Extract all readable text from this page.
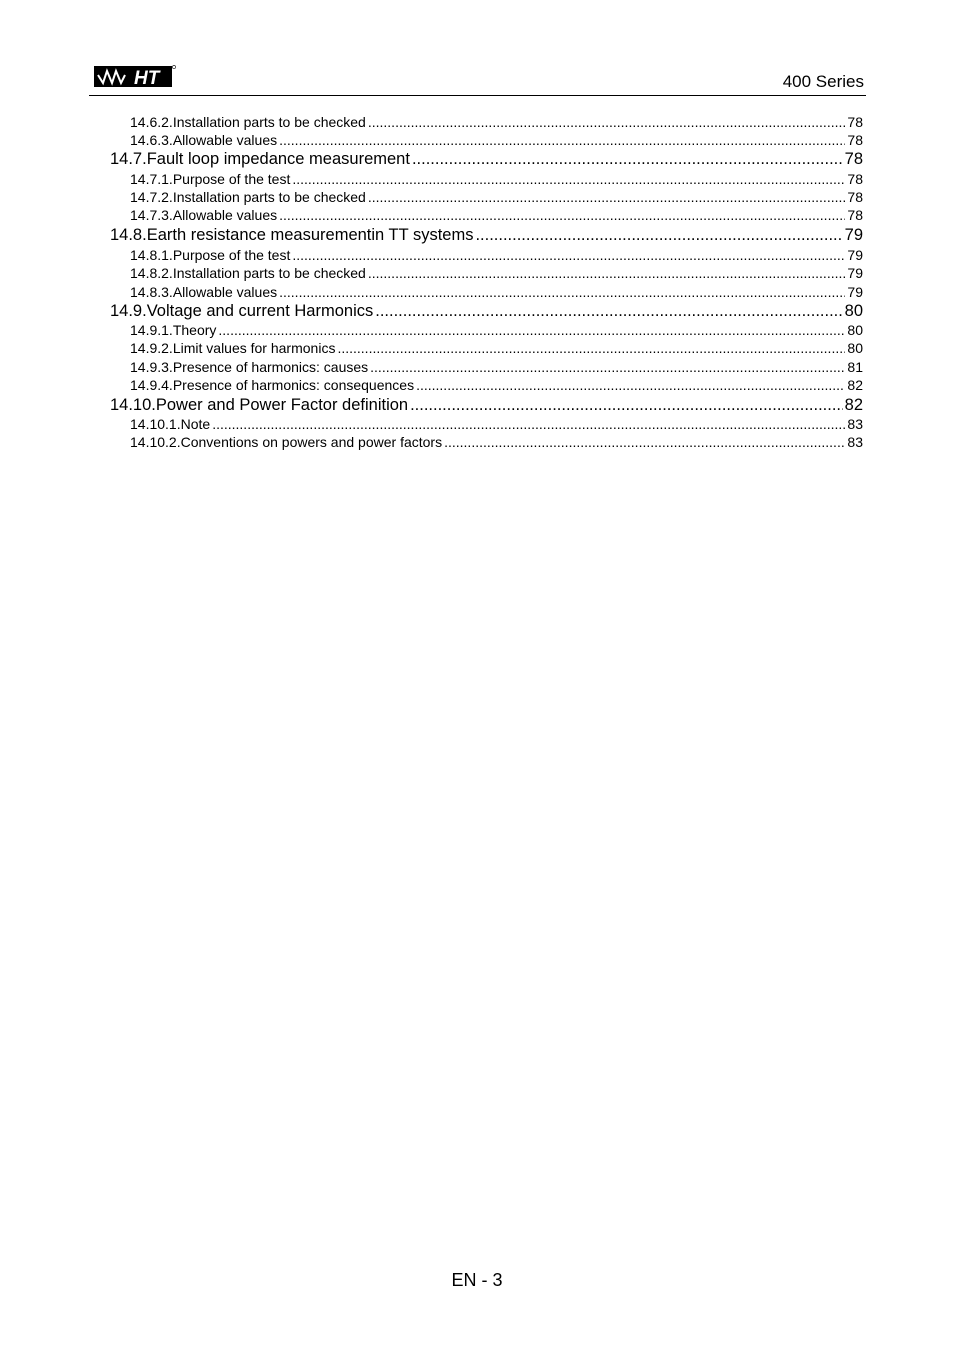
HT	400 Series
14.6.2. Installation parts to be checked .....	78
14.6.3. Allowable values .....	78
14.7. Fault loop impedance measurement .....	78
14.7.1. Purpose of the test .....	78
14.7.2. Installation parts to be checked .....	78
14.7.3. Allowable values .....	78
14.8. Earth resistance measurementin TT systems .....	79
14.8.1. Purpose of the test .....	79
14.8.2. Installation parts to be checked .....	79
14.8.3. Allowable values .....	79
14.9. Voltage and current Harmonics .....	80
14.9.1. Theory .....	80
14.9.2. Limit values for harmonics .....	80
14.9.3. Presence of harmonics: causes .....	81
14.9.4. Presence of harmonics: consequences .....	82
14.10. Power and Power Factor definition .....	82
14.10.1. Note .....	83
14.10.2. Conventions on powers and power factors .....	83
EN - 3
